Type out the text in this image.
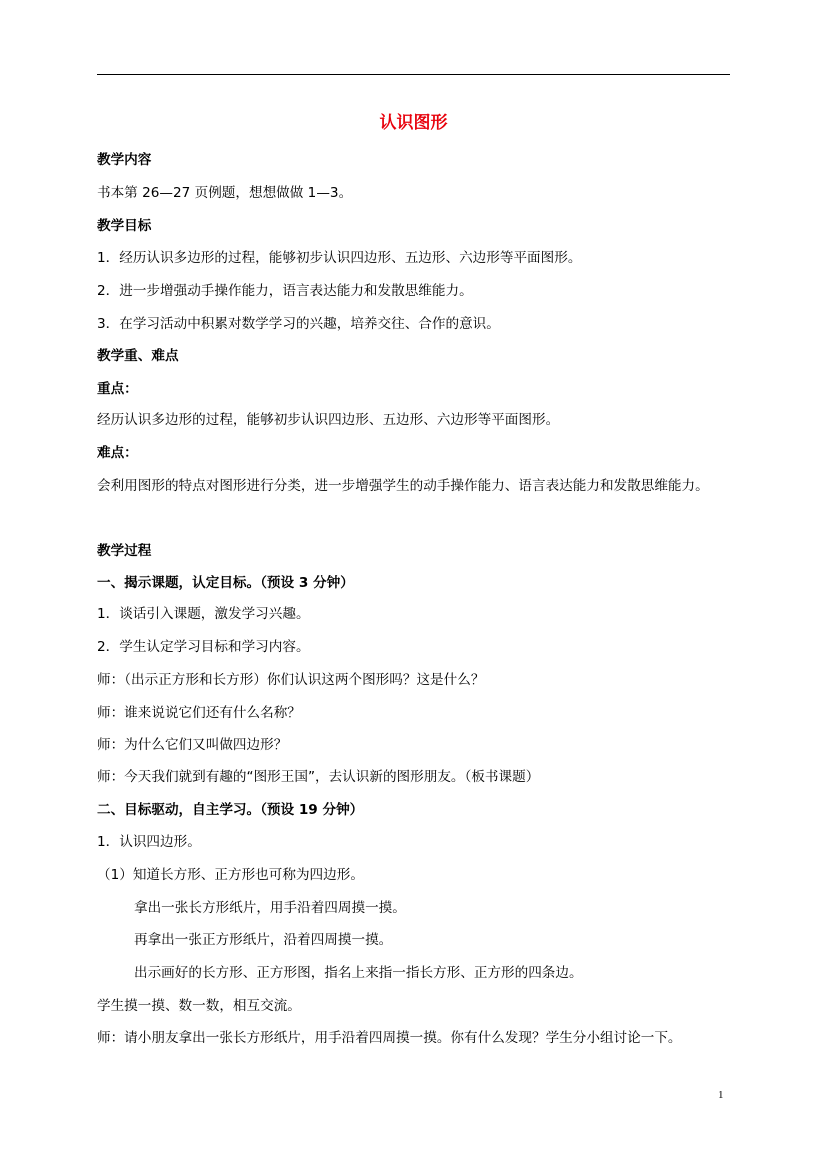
认识图形
教学内容
书本第 26—27 页例题，想想做做 1—3。
教学目标
1．经历认识多边形的过程，能够初步认识四边形、五边形、六边形等平面图形。
2．进一步增强动手操作能力，语言表达能力和发散思维能力。
3．在学习活动中积累对数学学习的兴趣，培养交往、合作的意识。
教学重、难点
重点：
经历认识多边形的过程，能够初步认识四边形、五边形、六边形等平面图形。
难点：
会利用图形的特点对图形进行分类，进一步增强学生的动手操作能力、语言表达能力和发散思维能力。
教学过程
一、揭示课题，认定目标。（预设 3 分钟）
1．谈话引入课题，激发学习兴趣。
2．学生认定学习目标和学习内容。
师：（出示正方形和长方形）你们认识这两个图形吗？这是什么？
师：谁来说说它们还有什么名称？
师：为什么它们又叫做四边形？
师：今天我们就到有趣的“图形王国”，去认识新的图形朋友。（板书课题）
二、目标驱动，自主学习。（预设 19 分钟）
1．认识四边形。
（1）知道长方形、正方形也可称为四边形。
拿出一张长方形纸片，用手沿着四周摸一摸。
再拿出一张正方形纸片，沿着四周摸一摸。
出示画好的长方形、正方形图，指名上来指一指长方形、正方形的四条边。
学生摸一摸、数一数，相互交流。
师：请小朋友拿出一张长方形纸片，用手沿着四周摸一摸。你有什么发现？学生分小组讨论一下。
1
